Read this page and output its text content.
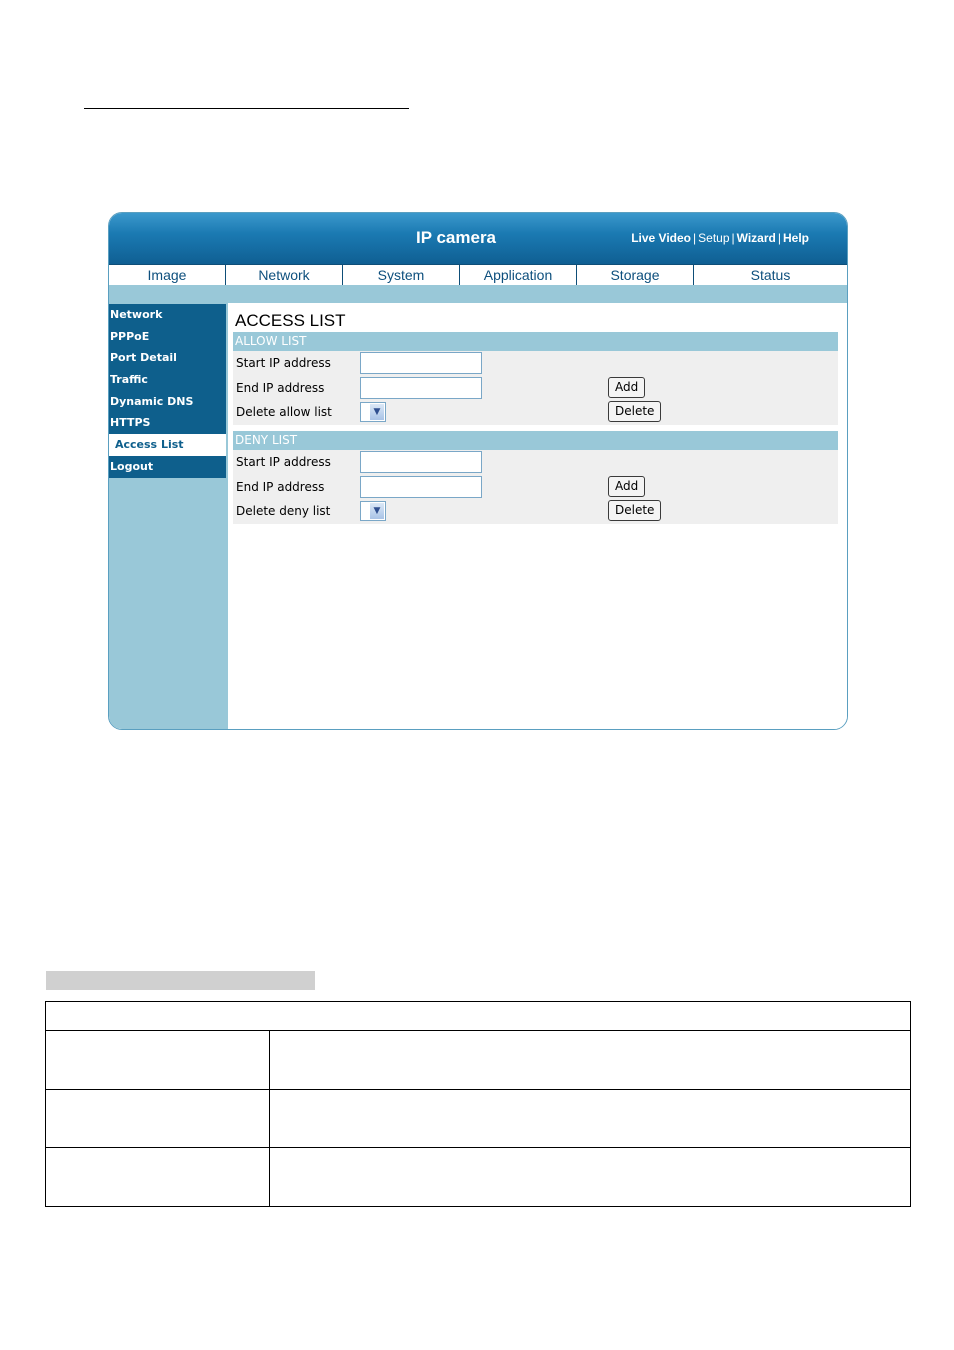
IP camera	Live Video | Setup | Wizard | Help
Image	Network	System	Application	Storage	Status
Network
PPPoE
Port Detail
Traffic
Dynamic DNS
HTTPS
Access List
Logout
ACCESS LIST
ALLOW LIST
Start IP address
End IP address	Add
Delete allow list	▼	Delete
DENY LIST
Start IP address
End IP address	Add
Delete deny list	▼	Delete
